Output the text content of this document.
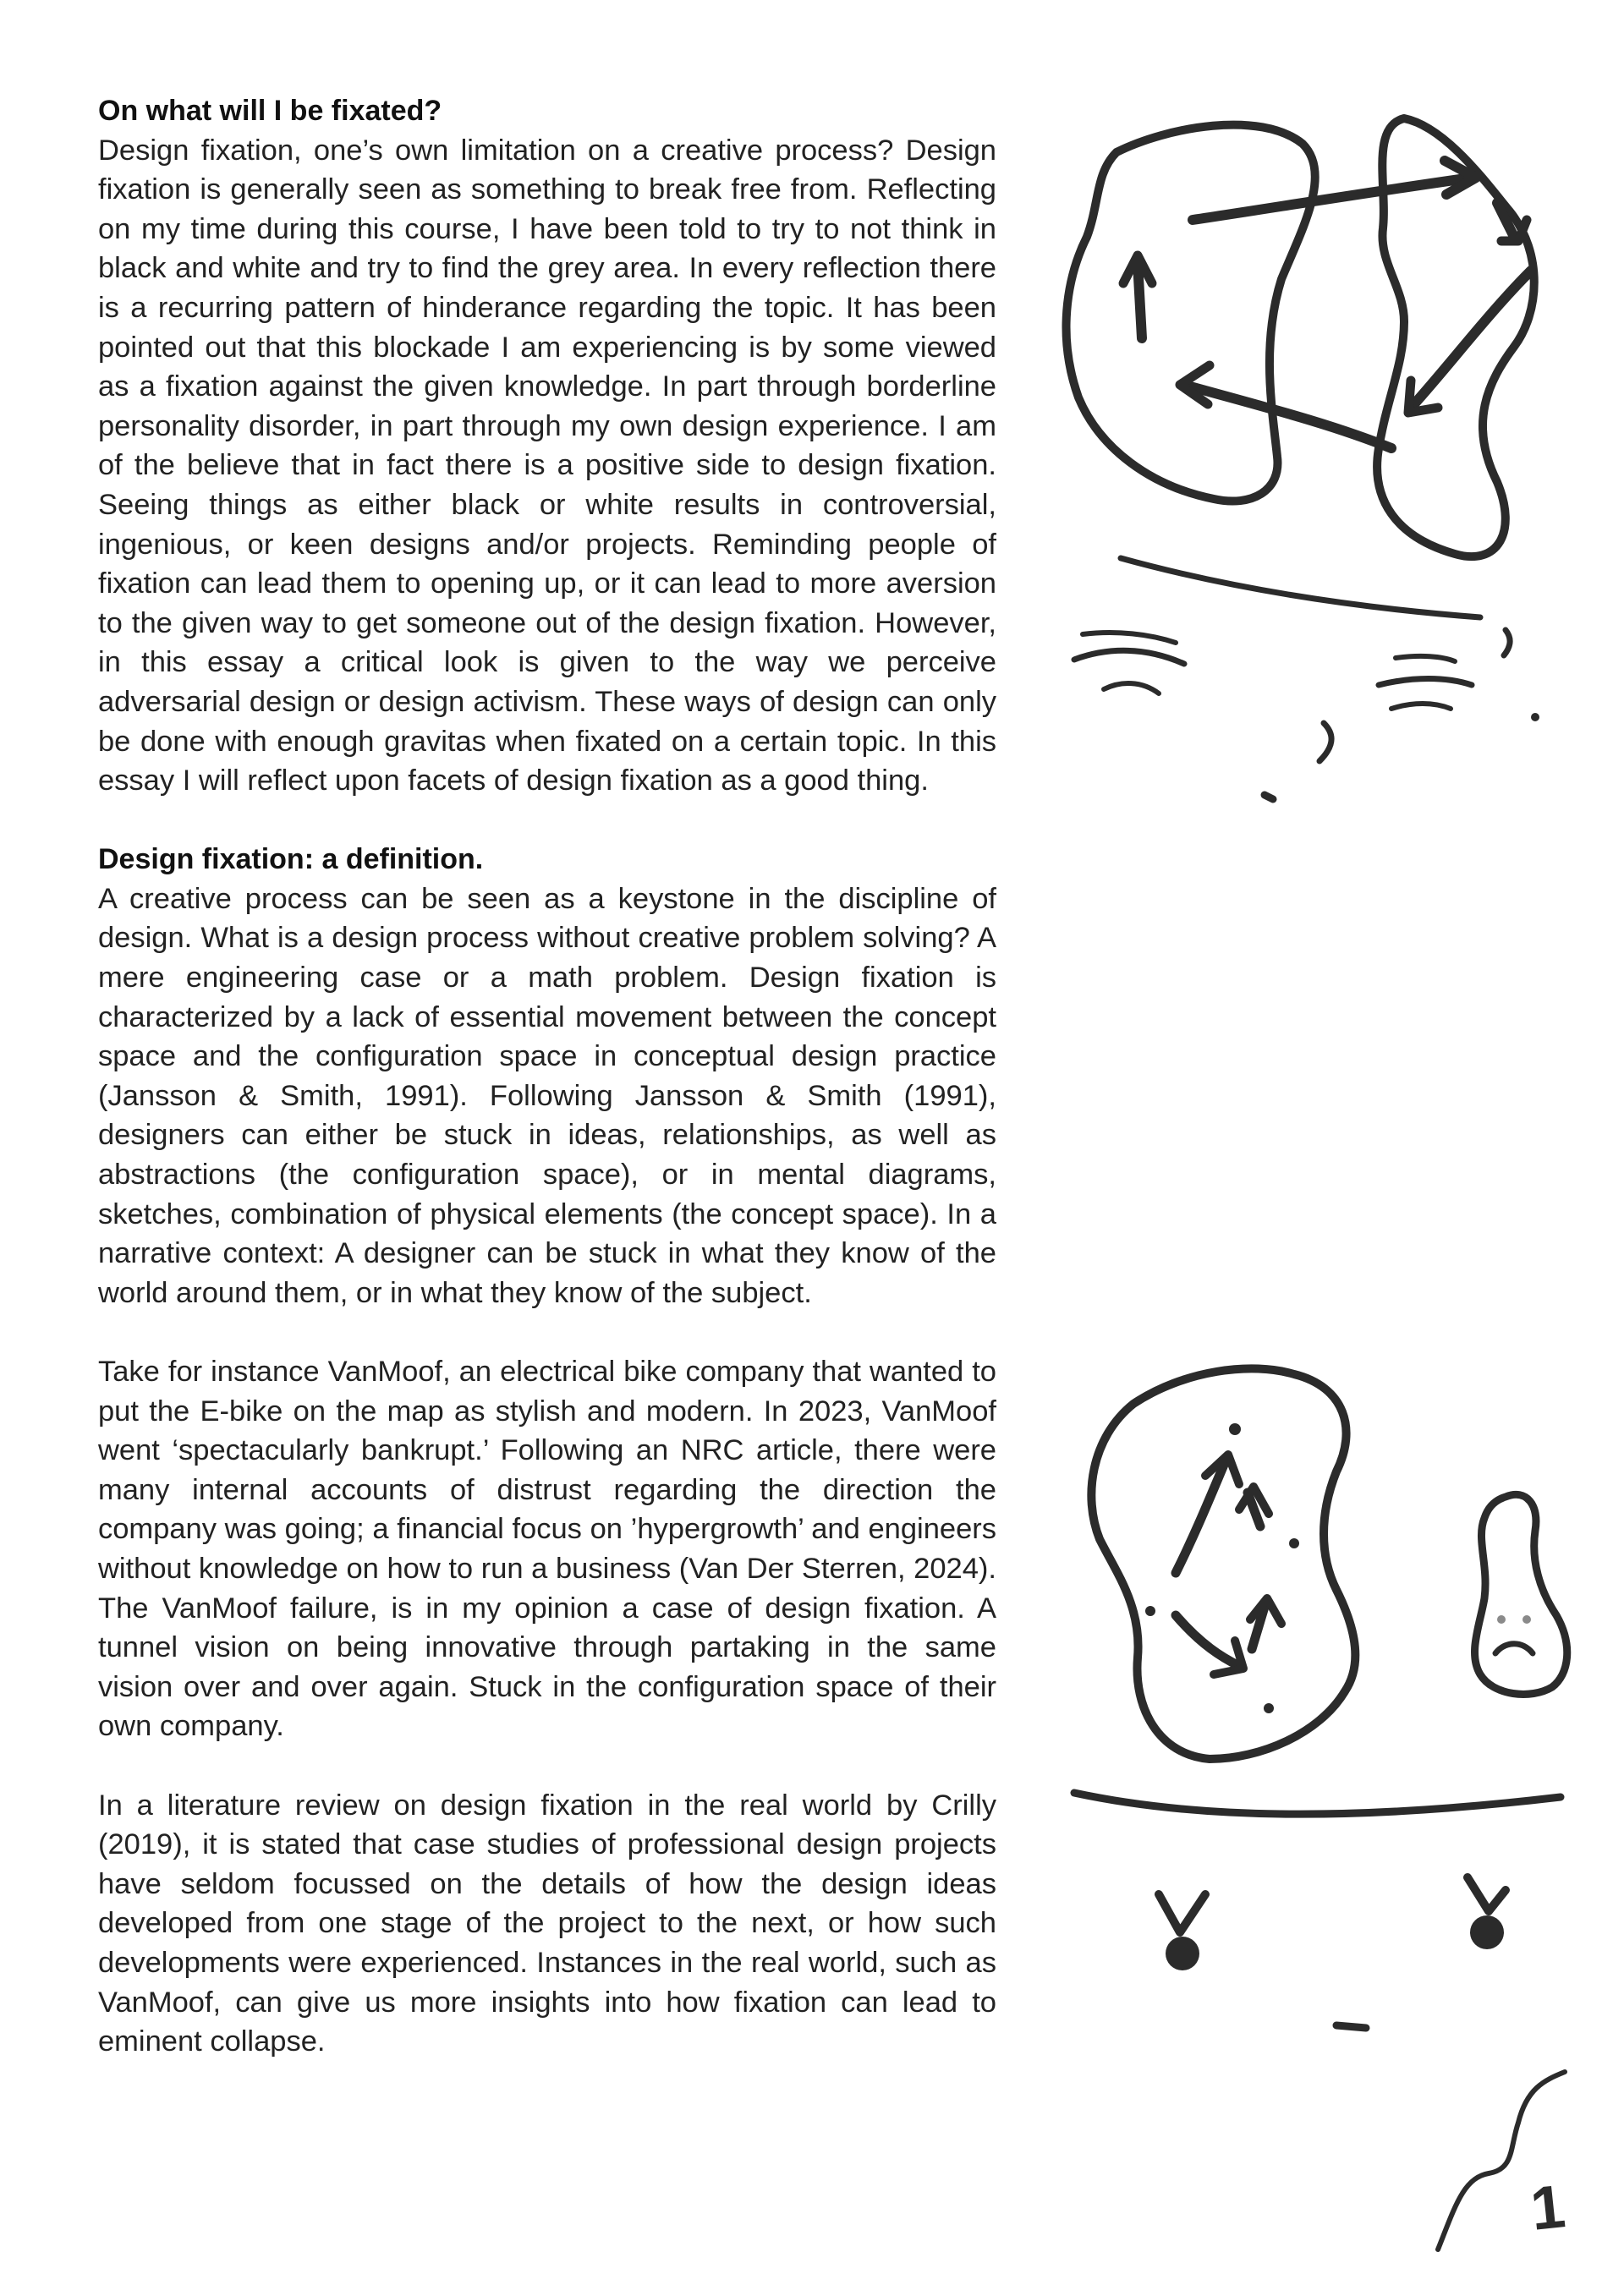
On what will I be fixated?

Design fixation, one’s own limitation on a creative process? Design fixation is generally seen as something to break free from. Reflecting on my time during this course, I have been told to try to not think in black and white and try to find the grey area. In every reflection there is a recurring pattern of hinderance regarding the topic. It has been pointed out that this blockade I am experiencing is by some viewed as a fixation against the given knowledge. In part through borderline personality disorder, in part through my own design experience. I am of the believe that in fact there is a positive side to design fixation. Seeing things as either black or white results in controversial, ingenious, or keen designs and/or projects. Reminding people of fixation can lead them to opening up, or it can lead to more aversion to the given way to get someone out of the design fixation. However, in this essay a critical look is given to the way we perceive adversarial design or design activism. These ways of design can only be done with enough gravitas when fixated on a certain topic. In this essay I will reflect upon facets of design fixation as a good thing.

Design fixation: a definition.

A creative process can be seen as a keystone in the discipline of design. What is a design process without creative problem solving? A mere engineering case or a math problem. Design fixation is characterized by a lack of essential movement between the concept space and the configuration space in conceptual design practice (Jansson & Smith, 1991). Following Jansson & Smith (1991), designers can either be stuck in ideas, relationships, as well as abstractions (the configuration space), or in mental diagrams, sketches, combination of physical elements (the concept space). In a narrative context: A designer can be stuck in what they know of the world around them, or in what they know of the subject.

Take for instance VanMoof, an electrical bike company that wanted to put the E-bike on the map as stylish and modern. In 2023, VanMoof went ‘spectacularly bankrupt.’ Following an NRC article, there were many internal accounts of distrust regarding the direction the company was going; a financial focus on ’hypergrowth’ and engineers without knowledge on how to run a business (Van Der Sterren, 2024). The VanMoof failure, is in my opinion a case of design fixation. A tunnel vision on being innovative through partaking in the same vision over and over again. Stuck in the configuration space of their own company.

In a literature review on design fixation in the real world by Crilly (2019), it is stated that case studies of professional design projects have seldom focussed on the details of how the design ideas developed from one stage of the project to the next, or how such developments were experienced. Instances in the real world, such as VanMoof, can give us more insights into how fixation can lead to eminent collapse.

1
